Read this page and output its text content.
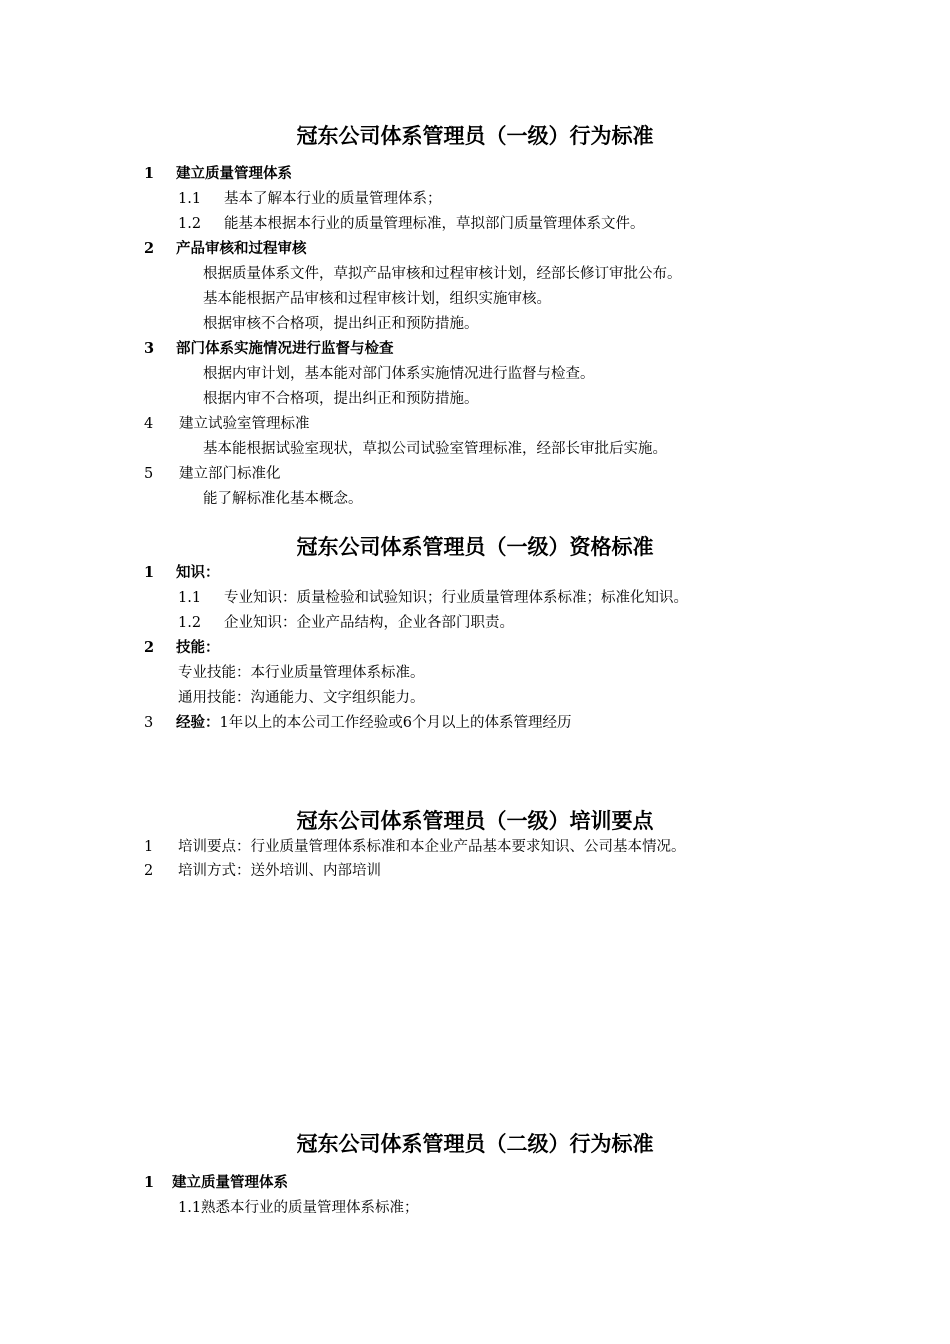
冠东公司体系管理员（一级）行为标准
1 建立质量管理体系
1.1 基本了解本行业的质量管理体系；
1.2 能基本根据本行业的质量管理标准，草拟部门质量管理体系文件。
2 产品审核和过程审核
根据质量体系文件，草拟产品审核和过程审核计划，经部长修订审批公布。
基本能根据产品审核和过程审核计划，组织实施审核。
根据审核不合格项，提出纠正和预防措施。
3 部门体系实施情况进行监督与检查
根据内审计划，基本能对部门体系实施情况进行监督与检查。
根据内审不合格项，提出纠正和预防措施。
4 建立试验室管理标准
基本能根据试验室现状，草拟公司试验室管理标准，经部长审批后实施。
5 建立部门标准化
能了解标准化基本概念。
冠东公司体系管理员（一级）资格标准
1 知识：
1.1 专业知识：质量检验和试验知识；行业质量管理体系标准；标准化知识。
1.2 企业知识：企业产品结构，企业各部门职责。
2 技能：
专业技能：本行业质量管理体系标准。
通用技能：沟通能力、文字组织能力。
3 经验：1年以上的本公司工作经验或6个月以上的体系管理经历
冠东公司体系管理员（一级）培训要点
1 培训要点：行业质量管理体系标准和本企业产品基本要求知识、公司基本情况。
2 培训方式：送外培训、内部培训
冠东公司体系管理员（二级）行为标准
1 建立质量管理体系
1.1熟悉本行业的质量管理体系标准；
